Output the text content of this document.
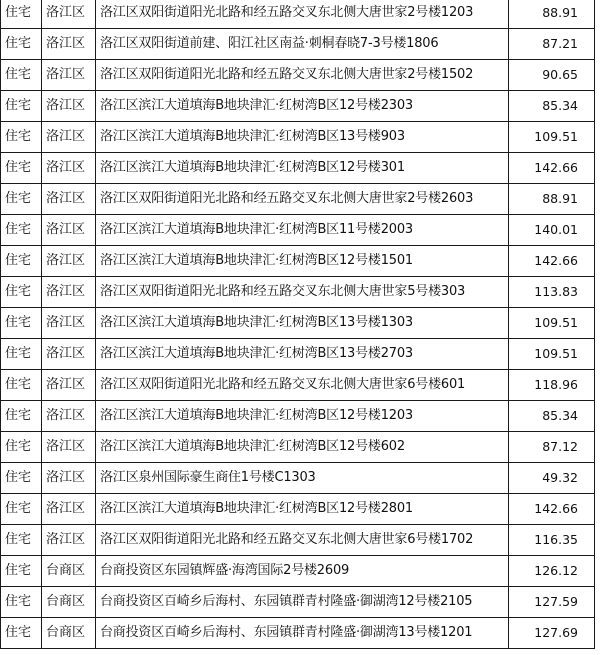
住宅	洛江区	洛江区双阳街道阳光北路和经五路交叉东北侧大唐世家2号楼1203	88.91
住宅	洛江区	洛江区双阳街道前建、阳江社区南益·刺桐春晓7-3号楼1806	87.21
住宅	洛江区	洛江区双阳街道阳光北路和经五路交叉东北侧大唐世家2号楼1502	90.65
住宅	洛江区	洛江区滨江大道填海B地块津汇·红树湾B区12号楼2303	85.34
住宅	洛江区	洛江区滨江大道填海B地块津汇·红树湾B区13号楼903	109.51
住宅	洛江区	洛江区滨江大道填海B地块津汇·红树湾B区12号楼301	142.66
住宅	洛江区	洛江区双阳街道阳光北路和经五路交叉东北侧大唐世家2号楼2603	88.91
住宅	洛江区	洛江区滨江大道填海B地块津汇·红树湾B区11号楼2003	140.01
住宅	洛江区	洛江区滨江大道填海B地块津汇·红树湾B区12号楼1501	142.66
住宅	洛江区	洛江区双阳街道阳光北路和经五路交叉东北侧大唐世家5号楼303	113.83
住宅	洛江区	洛江区滨江大道填海B地块津汇·红树湾B区13号楼1303	109.51
住宅	洛江区	洛江区滨江大道填海B地块津汇·红树湾B区13号楼2703	109.51
住宅	洛江区	洛江区双阳街道阳光北路和经五路交叉东北侧大唐世家6号楼601	118.96
住宅	洛江区	洛江区滨江大道填海B地块津汇·红树湾B区12号楼1203	85.34
住宅	洛江区	洛江区滨江大道填海B地块津汇·红树湾B区12号楼602	87.12
住宅	洛江区	洛江区泉州国际豪生商住1号楼C1303	49.32
住宅	洛江区	洛江区滨江大道填海B地块津汇·红树湾B区12号楼2801	142.66
住宅	洛江区	洛江区双阳街道阳光北路和经五路交叉东北侧大唐世家6号楼1702	116.35
住宅	台商区	台商投资区东园镇辉盛·海湾国际2号楼2609	126.12
住宅	台商区	台商投资区百崎乡后海村、东园镇群青村隆盛·御湖湾12号楼2105	127.59
住宅	台商区	台商投资区百崎乡后海村、东园镇群青村隆盛·御湖湾13号楼1201	127.69
